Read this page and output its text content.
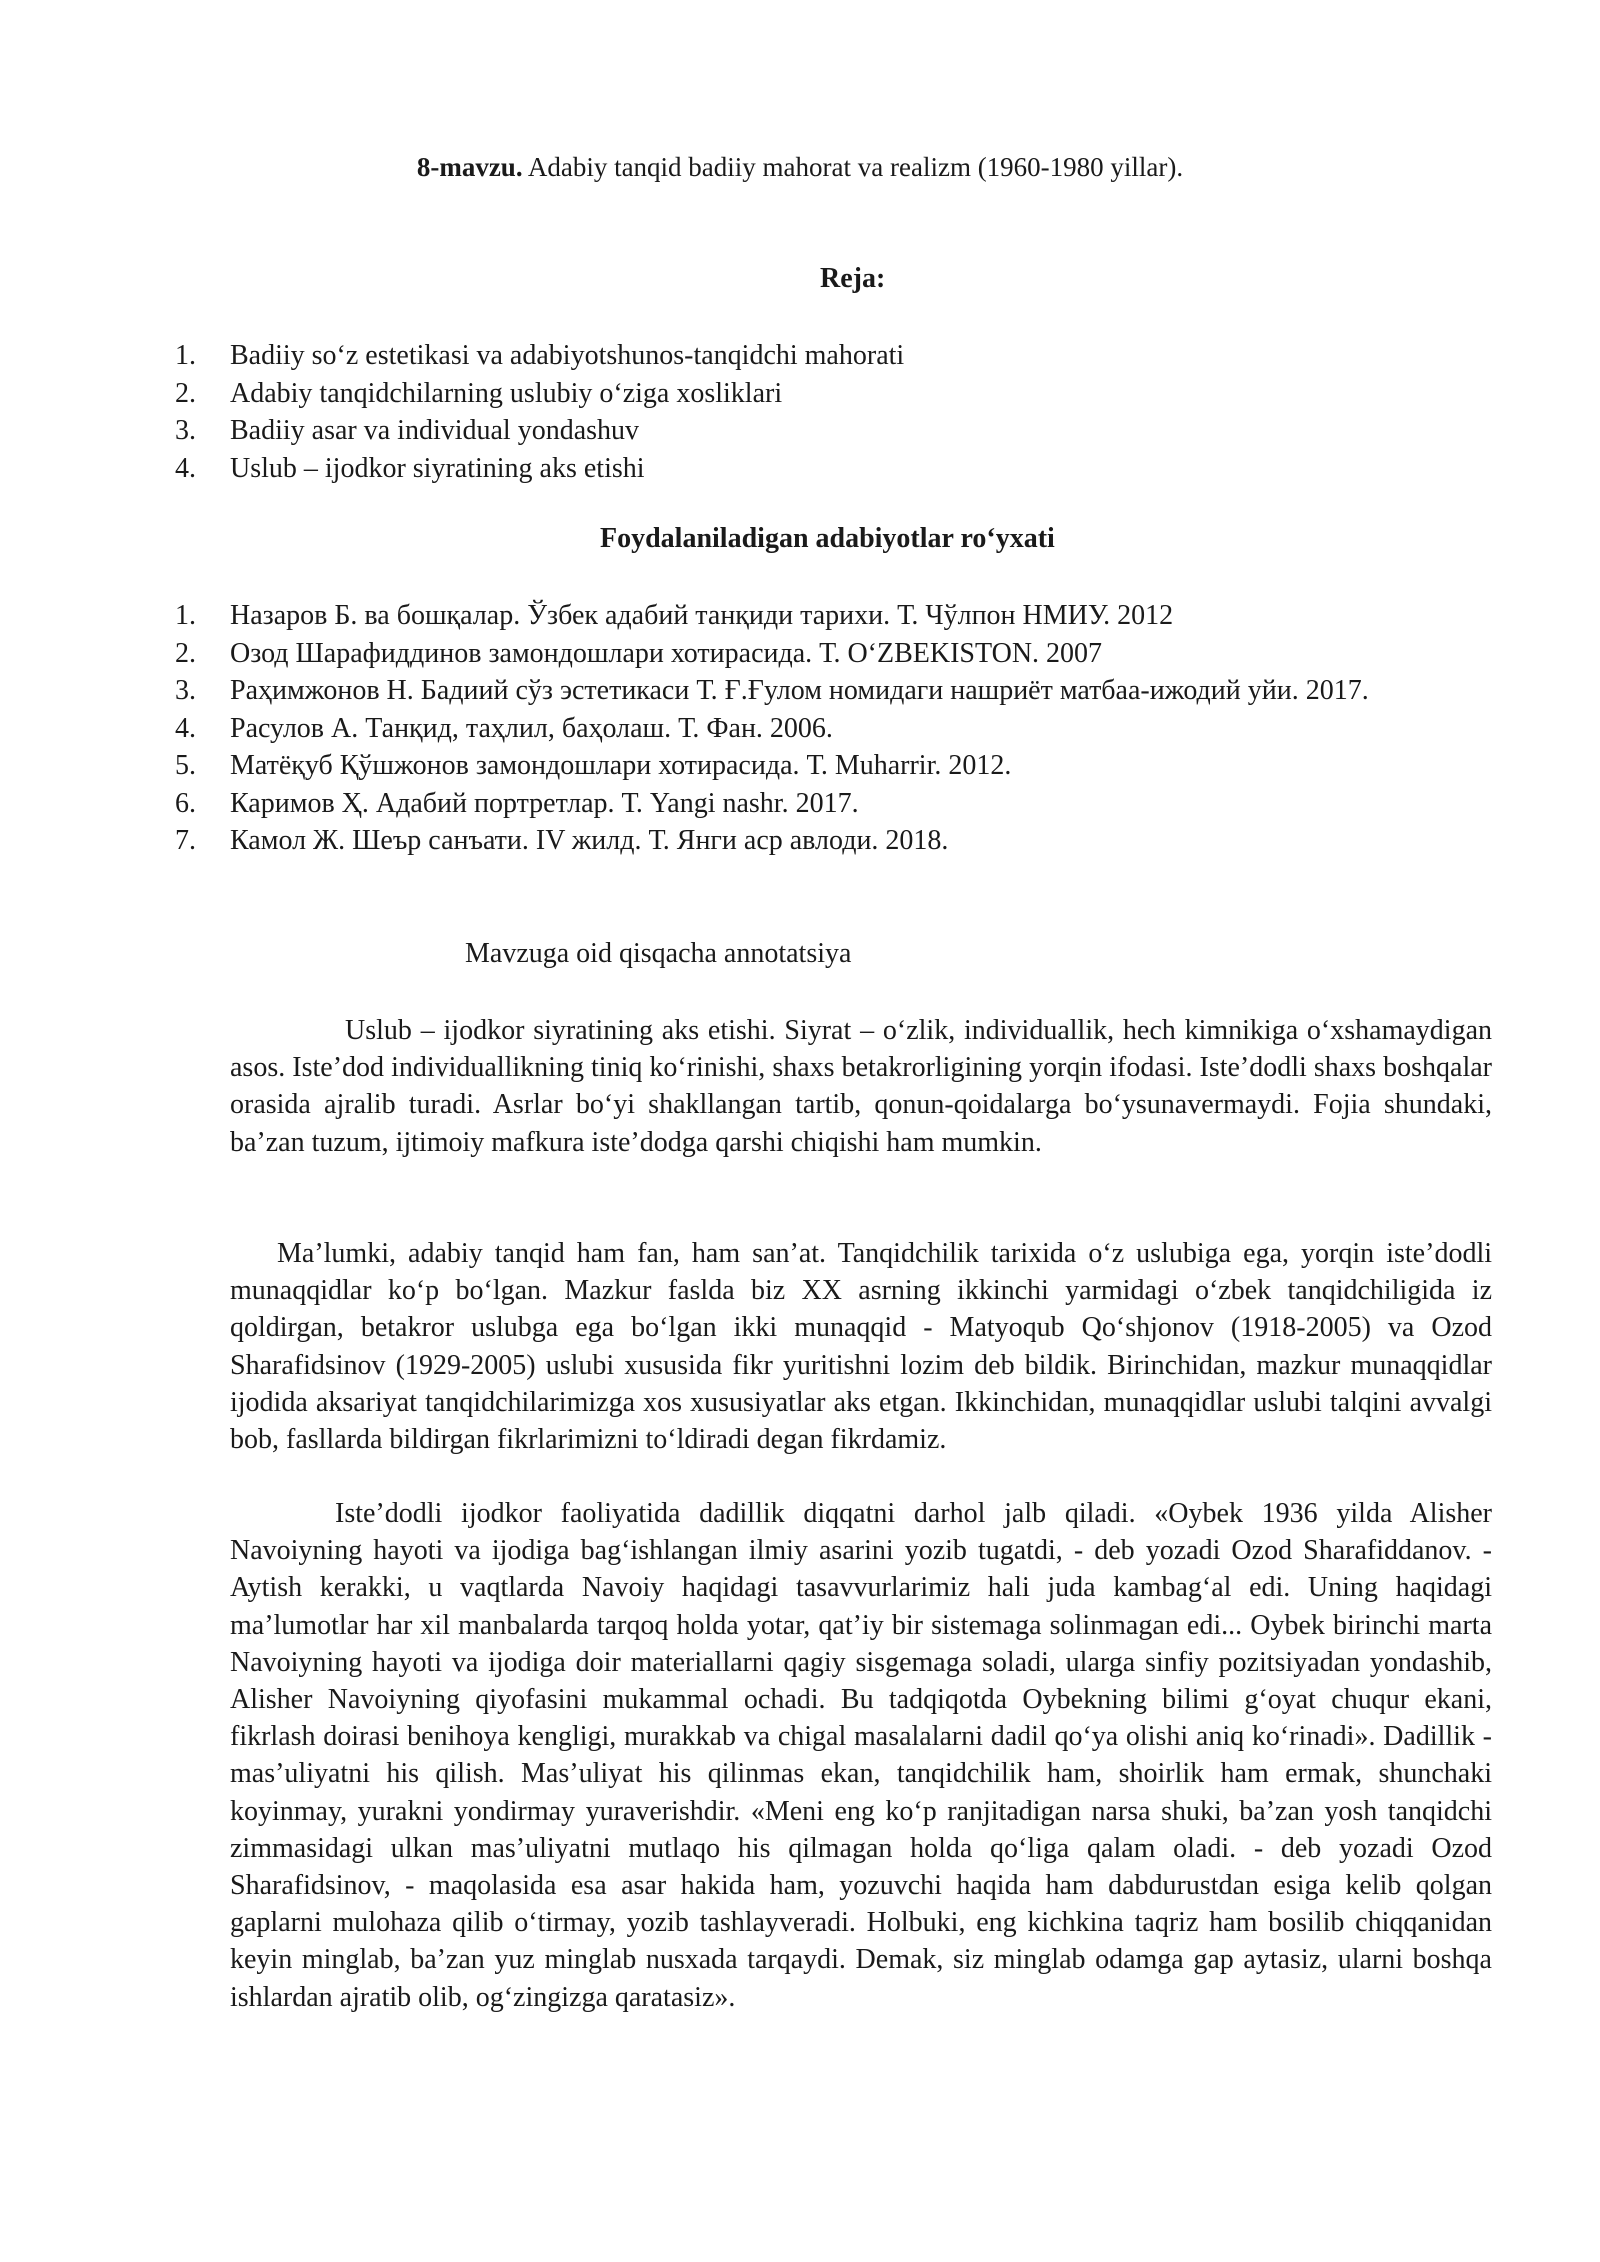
8-mavzu. Adabiy tanqid badiiy mahorat va realizm (1960-1980 yillar).

Reja:

1. Badiiy so‘z estetikasi va adabiyotshunos-tanqidchi mahorati
2. Adabiy tanqidchilarning uslubiy o‘ziga xosliklari
3. Badiiy asar va individual yondashuv
4. Uslub – ijodkor siyratining aks etishi

Foydalaniladigan adabiyotlar ro‘yxati

1. Назаров Б. ва бошқалар. Ўзбек адабий танқиди тарихи. Т. Чўлпон НМИУ. 2012
2. Озод Шарафиддинов замондошлари хотирасида. Т. O‘ZBEKISTON. 2007
3. Раҳимжонов Н. Бадиий сўз эстетикаси Т. Ғ.Ғулом номидаги нашриёт матбаа-ижодий уйи. 2017.
4. Расулов А. Танқид, таҳлил, баҳолаш. Т. Фан. 2006.
5. Матёқуб Қўшжонов замондошлари хотирасида. Т. Muharrir. 2012.
6. Каримов Ҳ. Адабий портретлар. Т. Yangi nashr. 2017.
7. Камол Ж. Шеър санъати. IV жилд. Т. Янги аср авлоди. 2018.

Mavzuga oid qisqacha annotatsiya

Uslub – ijodkor siyratining aks etishi. Siyrat – o‘zlik, individuallik, hech kimnikiga o‘xshamaydigan asos. Iste’dod individuallikning tiniq ko‘rinishi, shaxs betakrorligining yorqin ifodasi. Iste’dodli shaxs boshqalar orasida ajralib turadi. Asrlar bo‘yi shakllangan tartib, qonun-qoidalarga bo‘ysunavermaydi. Fojia shundaki, ba’zan tuzum, ijtimoiy mafkura iste’dodga qarshi chiqishi ham mumkin.

Ma’lumki, adabiy tanqid ham fan, ham san’at. Tanqidchilik tarixida o‘z uslubiga ega, yorqin iste’dodli munaqqidlar ko‘p bo‘lgan. Mazkur faslda biz XX asrning ikkinchi yarmidagi o‘zbek tanqidchiligida iz qoldirgan, betakror uslubga ega bo‘lgan ikki munaqqid - Matyoqub Qo‘shjonov (1918-2005) va Ozod Sharafidsinov (1929-2005) uslubi xususida fikr yuritishni lozim deb bildik. Birinchidan, mazkur munaqqidlar ijodida aksariyat tanqidchilarimizga xos xususiyatlar aks etgan. Ikkinchidan, munaqqidlar uslubi talqini avvalgi bob, fasllarda bildirgan fikrlarimizni to‘ldiradi degan fikrdamiz.

Iste’dodli ijodkor faoliyatida dadillik diqqatni darhol jalb qiladi. «Oybek 1936 yilda Alisher Navoiyning hayoti va ijodiga bag‘ishlangan ilmiy asarini yozib tugatdi, - deb yozadi Ozod Sharafiddanov. - Aytish kerakki, u vaqtlarda Navoiy haqidagi tasavvurlarimiz hali juda kambag‘al edi. Uning haqidagi ma’lumotlar har xil manbalarda tarqoq holda yotar, qat’iy bir sistemaga solinmagan edi... Oybek birinchi marta Navoiyning hayoti va ijodiga doir materiallarni qagiy sisgemaga soladi, ularga sinfiy pozitsiyadan yondashib, Alisher Navoiyning qiyofasini mukammal ochadi. Bu tadqiqotda Oybekning bilimi g‘oyat chuqur ekani, fikrlash doirasi benihoya kengligi, murakkab va chigal masalalarni dadil qo‘ya olishi aniq ko‘rinadi». Dadillik - mas’uliyatni his qilish. Mas’uliyat his qilinmas ekan, tanqidchilik ham, shoirlik ham ermak, shunchaki koyinmay, yurakni yondirmay yuraverishdir. «Meni eng ko‘p ranjitadigan narsa shuki, ba’zan yosh tanqidchi zimmasidagi ulkan mas’uliyatni mutlaqo his qilmagan holda qo‘liga qalam oladi. - deb yozadi Ozod Sharafidsinov, - maqolasida esa asar hakida ham, yozuvchi haqida ham dabdurustdan esiga kelib qolgan gaplarni mulohaza qilib o‘tirmay, yozib tashlayveradi. Holbuki, eng kichkina taqriz ham bosilib chiqqanidan keyin minglab, ba’zan yuz minglab nusxada tarqaydi. Demak, siz minglab odamga gap aytasiz, ularni boshqa ishlardan ajratib olib, og‘zingizga qaratasiz».
